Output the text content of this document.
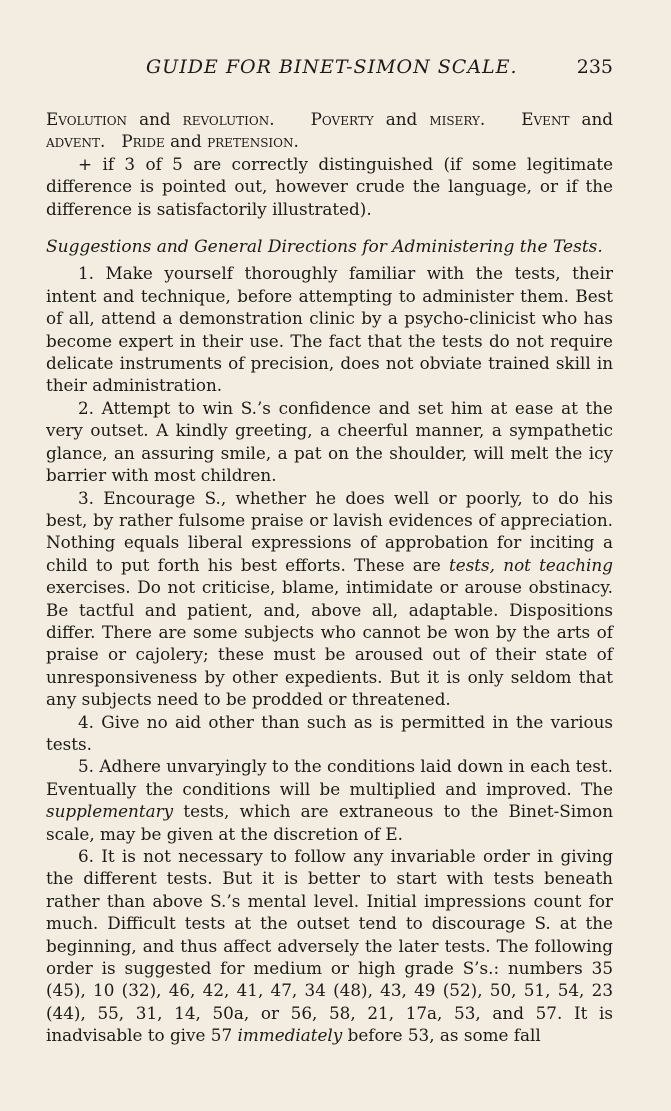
GUIDE FOR BINET-SIMON SCALE.	235

Evolution and revolution. Poverty and misery. Event and advent. Pride and pretension.

+ if 3 of 5 are correctly distinguished (if some legitimate difference is pointed out, however crude the language, or if the difference is satisfactorily illustrated).

Suggestions and General Directions for Administering the Tests.

1. Make yourself thoroughly familiar with the tests, their intent and technique, before attempting to administer them. Best of all, attend a demonstration clinic by a psycho-clinicist who has become expert in their use. The fact that the tests do not require delicate instruments of precision, does not obviate trained skill in their administration.

2. Attempt to win S.’s confidence and set him at ease at the very outset. A kindly greeting, a cheerful manner, a sympathetic glance, an assuring smile, a pat on the shoulder, will melt the icy barrier with most children.

3. Encourage S., whether he does well or poorly, to do his best, by rather fulsome praise or lavish evidences of appreciation. Nothing equals liberal expressions of approbation for inciting a child to put forth his best efforts. These are tests, not teaching exercises. Do not criticise, blame, intimidate or arouse obstinacy. Be tactful and patient, and, above all, adaptable. Dispositions differ. There are some subjects who cannot be won by the arts of praise or cajolery; these must be aroused out of their state of unresponsiveness by other expedients. But it is only seldom that any subjects need to be prodded or threatened.

4. Give no aid other than such as is permitted in the various tests.

5. Adhere unvaryingly to the conditions laid down in each test. Eventually the conditions will be multiplied and improved. The supplementary tests, which are extraneous to the Binet-Simon scale, may be given at the discretion of E.

6. It is not necessary to follow any invariable order in giving the different tests. But it is better to start with tests beneath rather than above S.’s mental level. Initial impressions count for much. Difficult tests at the outset tend to discourage S. at the beginning, and thus affect adversely the later tests. The following order is suggested for medium or high grade S’s.: numbers 35 (45), 10 (32), 46, 42, 41, 47, 34 (48), 43, 49 (52), 50, 51, 54, 23 (44), 55, 31, 14, 50a, or 56, 58, 21, 17a, 53, and 57. It is inadvisable to give 57 immediately before 53, as some fall
